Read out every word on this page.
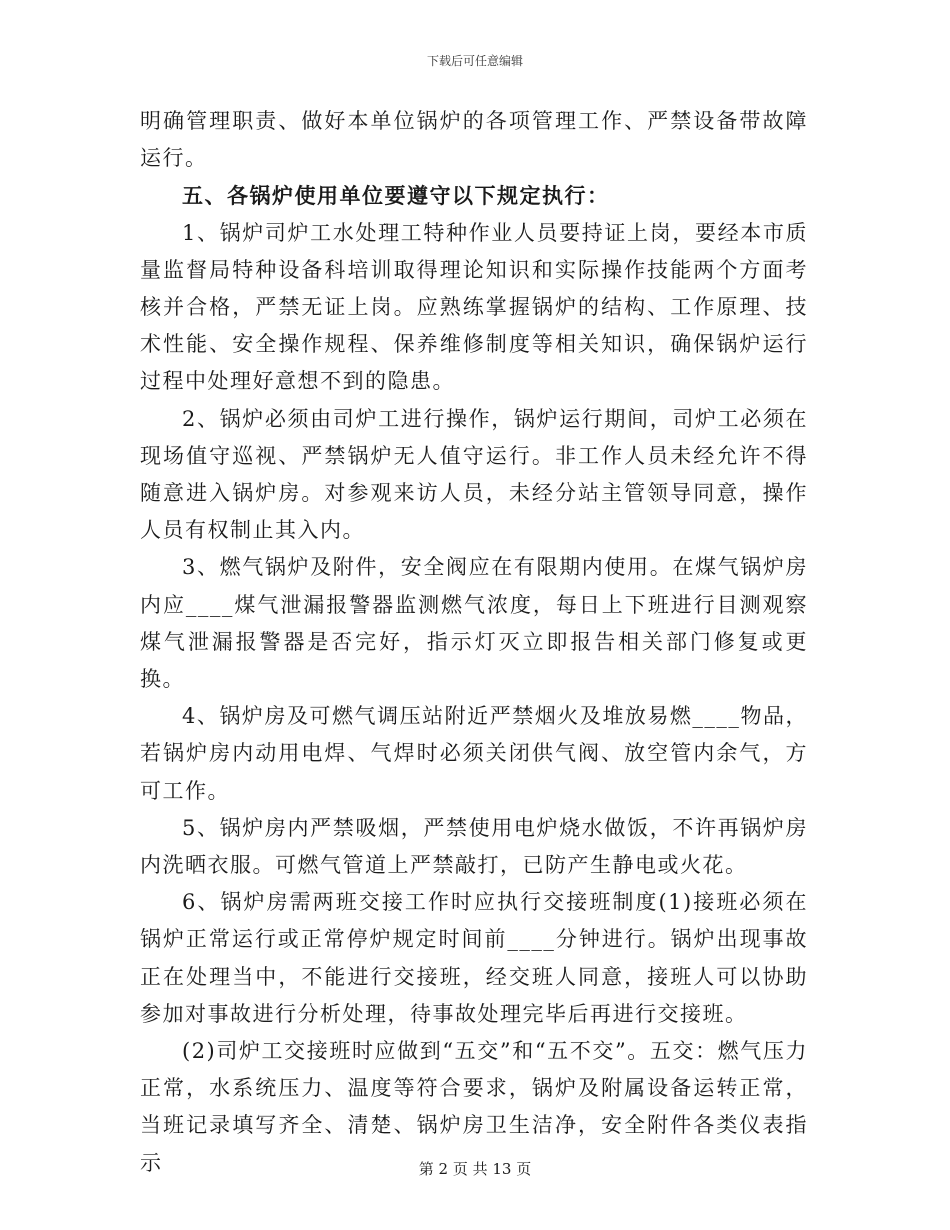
下载后可任意编辑

明确管理职责、做好本单位锅炉的各项管理工作、严禁设备带故障运行。

五、各锅炉使用单位要遵守以下规定执行：

1、锅炉司炉工水处理工特种作业人员要持证上岗，要经本市质量监督局特种设备科培训取得理论知识和实际操作技能两个方面考核并合格，严禁无证上岗。应熟练掌握锅炉的结构、工作原理、技术性能、安全操作规程、保养维修制度等相关知识，确保锅炉运行过程中处理好意想不到的隐患。

2、锅炉必须由司炉工进行操作，锅炉运行期间，司炉工必须在现场值守巡视、严禁锅炉无人值守运行。非工作人员未经允许不得随意进入锅炉房。对参观来访人员，未经分站主管领导同意，操作人员有权制止其入内。

3、燃气锅炉及附件，安全阀应在有限期内使用。在煤气锅炉房内应____煤气泄漏报警器监测燃气浓度，每日上下班进行目测观察煤气泄漏报警器是否完好，指示灯灭立即报告相关部门修复或更换。

4、锅炉房及可燃气调压站附近严禁烟火及堆放易燃____物品，若锅炉房内动用电焊、气焊时必须关闭供气阀、放空管内余气，方可工作。

5、锅炉房内严禁吸烟，严禁使用电炉烧水做饭，不许再锅炉房内洗晒衣服。可燃气管道上严禁敲打，已防产生静电或火花。

6、锅炉房需两班交接工作时应执行交接班制度(1)接班必须在锅炉正常运行或正常停炉规定时间前____分钟进行。锅炉出现事故正在处理当中，不能进行交接班，经交班人同意，接班人可以协助参加对事故进行分析处理，待事故处理完毕后再进行交接班。

(2)司炉工交接班时应做到“五交”和“五不交”。五交：燃气压力正常，水系统压力、温度等符合要求，锅炉及附属设备运转正常，当班记录填写齐全、清楚、锅炉房卫生洁净，安全附件各类仪表指示	第 2 页 共 13 页
